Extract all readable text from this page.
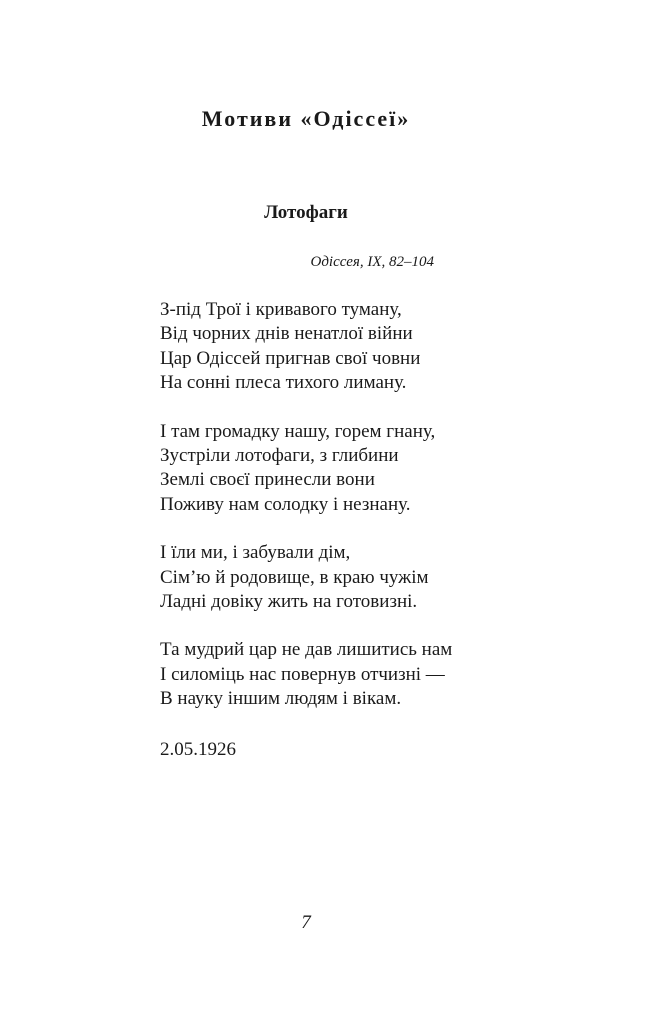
Мотиви «Одіссеї»
Лотофаги

Одіссея, IX, 82–104

З-під Трої і кривавого туману,
Від чорних днів ненатлої війни
Цар Одіссей пригнав свої човни
На сонні плеса тихого лиману.
І там громадку нашу, горем гнану,
Зустріли лотофаги, з глибини
Землі своєї принесли вони
Поживу нам солодку і незнану.
І їли ми, і забували дім,
Сім’ю й родовище, в краю чужім
Ладні довіку жить на готовизні.
Та мудрий цар не дав лишитись нам
І силоміць нас повернув отчизні —
В науку іншим людям і вікам.

2.05.1926

7
